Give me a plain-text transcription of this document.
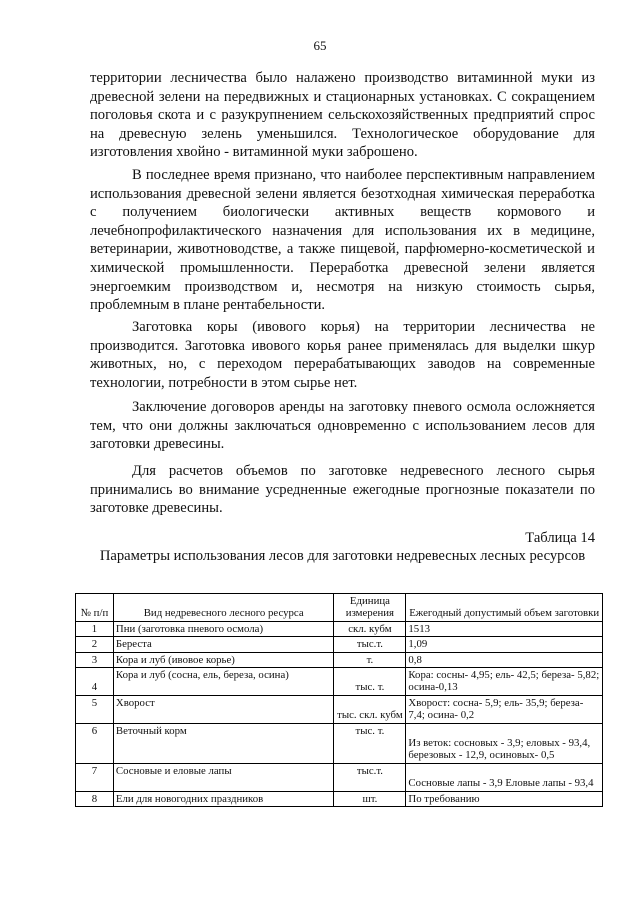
65

территории лесничества было налажено производство витаминной муки из древесной зелени на передвижных и стационарных установках. С сокращением поголовья скота и с разукрупнением сельскохозяйственных предприятий спрос на древесную зелень уменьшился. Технологическое оборудование для изготовления хвойно - витаминной муки заброшено.

В последнее время признано, что наиболее перспективным направлением использования древесной зелени является безотходная химическая переработка с получением биологически активных веществ кормового и лечебнопрофилактического назначения для использования их в медицине, ветеринарии, животноводстве, а также пищевой, парфюмерно-косметической и химической промышленности. Переработка древесной зелени является энергоемким производством и, несмотря на низкую стоимость сырья, проблемным в плане рентабельности.

Заготовка коры (ивового корья) на территории лесничества не производится. Заготовка ивового корья ранее применялась для выделки шкур животных, но, с переходом перерабатывающих заводов на современные технологии, потребности в этом сырье нет.

Заключение договоров аренды на заготовку пневого осмола осложняется тем, что они должны заключаться одновременно с использованием лесов для заготовки древесины.

Для расчетов объемов по заготовке недревесного лесного сырья принимались во внимание усредненные ежегодные прогнозные показатели по заготовке древесины.

Таблица 14
Параметры использования лесов для заготовки недревесных лесных ресурсов
№ п/п	Вид недревесного лесного ресурса	Единица измерения	Ежегодный допустимый объем заготовки
1	Пни (заготовка пневого осмола)	скл. кубм	1513
2	Береста	тыс.т.	1,09
3	Кора и луб (ивовое корье)	т.	0,8
4	Кора и луб (сосна, ель, береза, осина)	тыс. т.	Кора: сосны- 4,95; ель- 42,5; береза- 5,82; осина-0,13
5	Хворост	тыс. скл. кубм	Хворост: сосна- 5,9; ель- 35,9; береза- 7,4; осина- 0,2
6	Веточный корм	тыс. т.	Из веток: сосновых - 3,9; еловых - 93,4, березовых - 12,9, осиновых- 0,5
7	Сосновые и еловые лапы	тыс.т.	Сосновые лапы - 3,9 Еловые лапы - 93,4
8	Ели для новогодних праздников	шт.	По требованию
